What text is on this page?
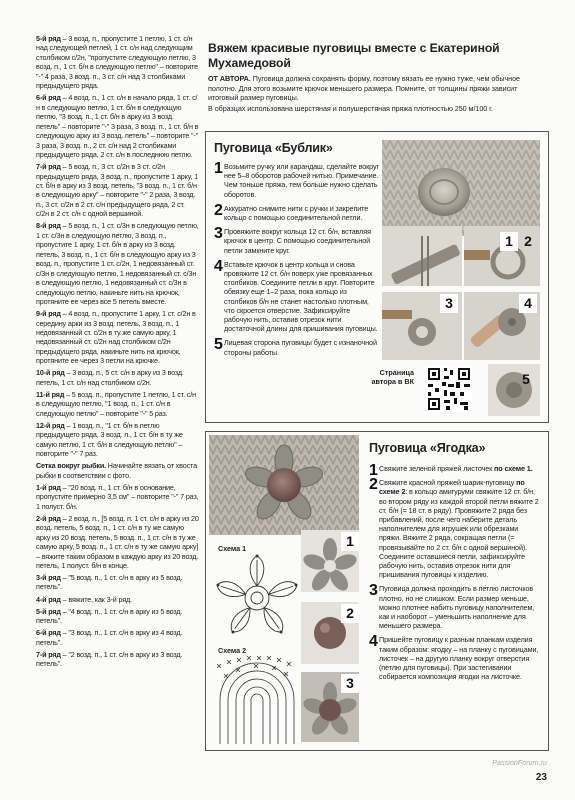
5-й ряд – 3 возд. п., пропустите 1 петлю, 1 ст. с/н над следующей петлей, 1 ст. с/н над следующим столбиком с/2н, "пропустите следующую петлю, 3 возд. п., 1 ст. б/н в следующую петлю" – повторите "-" 4 раза, 3 возд. п., 3 ст. с/н над 3 столбиками предыдущего ряда.

6-й ряд – 4 возд. п., 1 ст. с/н в начало ряда, 1 ст. с/н в следующую петлю, 1 ст. б/н в следующую петлю, "3 возд. п., 1 ст. б/н в арку из 3 возд. петель" – повторите "-" 3 раза, 3 возд. п., 1 ст. б/н в следующую арку из 3 возд. петель" – повторите "-" 3 раза, 3 возд. п., 2 ст. с/н над 2 столбиками предыдущего ряда, 2 ст. с/н в последнюю петлю.

7-й ряд – 5 возд. п., 3 ст. с/2н в 3 ст. с/2н предыдущего ряда, 3 возд. п., пропустите 1 арку, 1 ст. б/н в арку из 3 возд. петель, "3 возд. п., 1 ст. б/н в следующую арку" – повторите "-" 2 раза, 3 возд. п., 3 ст. с/2н в 2 ст. с/н предыдущего ряда, 2 ст. с/2н в 2 ст. с/н с одной вершиной.

8-й ряд – 5 возд. п., 1 ст. с/3н в следующую петлю, 1 ст. с/3н в следующую петлю, 3 возд. п., пропустите 1 арку, 1 ст. б/н в арку из 3 возд. петель, 3 возд. п., 1 ст. б/н в следующую арку из 3 возд. п., пропустите 1 ст. с/2н, 1 недовязанный ст. с/3н в следующую петлю, 1 недовязанный ст. с/3н в следующую петлю, 1 недовязанный ст. с/3н в следующую петлю, накиньте нить на крючок, протяните ее через все 5 петель вместе.

9-й ряд – 4 возд. п., пропустите 1 арку, 1 ст. с/2н в середину арки из 3 возд. петель, 3 возд. п., 1 недовязанный ст. с/2н в ту же самую арку, 1 недовязанный ст. с/2н над столбиком с/2н предыдущего ряда, накиньте нить на крючок, протяните ее через 3 петли на крючке.

10-й ряд – 3 возд. п., 5 ст. с/н в арку из 3 возд. петель, 1 ст. с/н над столбиком с/2н.

11-й ряд – 5 возд. п., пропустите 1 петлю, 1 ст. с/н в следующую петлю, "1 возд. п., 1 ст. с/н в следующую петлю" – повторите "-" 5 раз.

12-й ряд – 1 возд. п., "1 ст. б/н в петлю предыдущего ряда, 3 возд. п., 1 ст. б/н в ту же самую петлю, 1 ст. б/н в следующую петлю" – повторите "-" 7 раз.

Сетка вокруг рыбки. Начинайте вязать от хвоста рыбки в соответствии с фото.

1-й ряд – "20 возд. п., 1 ст. б/н в основание, пропустите примерно 3,5 см" – повторите "-" 7 раз, 1 полуст. б/н.

2-й ряд – 2 возд. п., [5 возд. п. 1 ст. с/н в арку из 20 возд. петель, 5 возд. п., 1 ст. с/н в ту же самую арку из 20 возд. петель, 5 возд. п., 1 ст. с/н в ту же самую арку, 5 возд. п., 1 ст. с/н в ту же самую арку] – вяжите таким образом в каждую арку из 20 возд. петель, 1 полуст. б/н в конце.

3-й ряд – "5 возд. п., 1 ст. с/н в арку из 5 возд. петель".

4-й ряд – вяжите, как 3-й ряд.

5-й ряд – "4 возд. п., 1 ст. с/н в арку из 5 возд. петель".

6-й ряд – "3 возд. п., 1 ст. с/н в арку из 4 возд. петель".

7-й ряд – "2 возд. п., 1 ст. с/н в арку из 3 возд. петель".

Вяжем красивые пуговицы вместе с Екатериной Мухамедовой

ОТ АВТОРА. Пуговица должна сохранять форму, поэтому вязать ее нужно туже, чем обычное полотно. Для этого возьмите крючок меньшего размера. Помните, от толщины пряжи зависит итоговый размер пуговицы.

В образцах использована шерстяная и полушерстяная пряжа плотностью 250 м/100 г.

Пуговица «Бублик»
1 Возьмите ручку или карандаш, сделайте вокруг нее 5–8 оборотов рабочей нитью. Примечание. Чем тоньше пряжа, тем больше нужно сделать оборотов.
2 Аккуратно снимите нити с ручки и закрепите кольцо с помощью соединительной петли.
3 Провяжите вокруг кольца 12 ст. б/н, вставляя крючок в центр. С помощью соединительной петли замкните круг.
4 Вставьте крючок в центр кольца и снова провяжите 12 ст. б/н поверх уже провязанных столбиков. Соедините петли в круг. Повторите обвязку еще 1–2 раза, пока кольцо из столбиков б/н не станет настолько плотным, что скроется отверстие. Зафиксируйте рабочую нить, оставив отрезок нити достаточной длины для пришивания пуговицы.
5 Лицевая сторона пуговицы будет с изнаночной стороны работы.
1 2
3	4
5
Страница автора в ВК
Пуговица «Ягодка»
1 Свяжите зеленой пряжей листочек по схеме 1.
2 Свяжите красной пряжей шарик-пуговицу по схеме 2: в кольцо амигуруми свяжите 12 ст. б/н, во втором ряду из каждой второй петли вяжите 2 ст. б/н (= 18 ст. в ряду). Провяжите 2 ряда без прибавлений, после чего наберите деталь наполнителем для игрушек или обрезками пряжи. Вяжите 2 ряда, сокращая петли (= провязывайте по 2 ст. б/н с одной вершиной). Соедините оставшиеся петли, зафиксируйте рабочую нить, оставив отрезок нити для пришивания пуговицы к изделию.
3 Пуговица должна проходить в петлю листочков плотно, но не слишком. Если размер меньше, можно плотнее набить пуговицу наполнителем, как и наоборот – уменьшить наполнение для меньшего размера.
4 Пришейте пуговицу к разным планкам изделия таким образом: ягодку – на планку с пуговицами, листочек – на другую планку вокруг отверстия (петлю для пуговицы). При застегивании собирается композиция ягодки на листочке.
Схема 1	1
2
3
Схема 2
PassionForum.ru
23
